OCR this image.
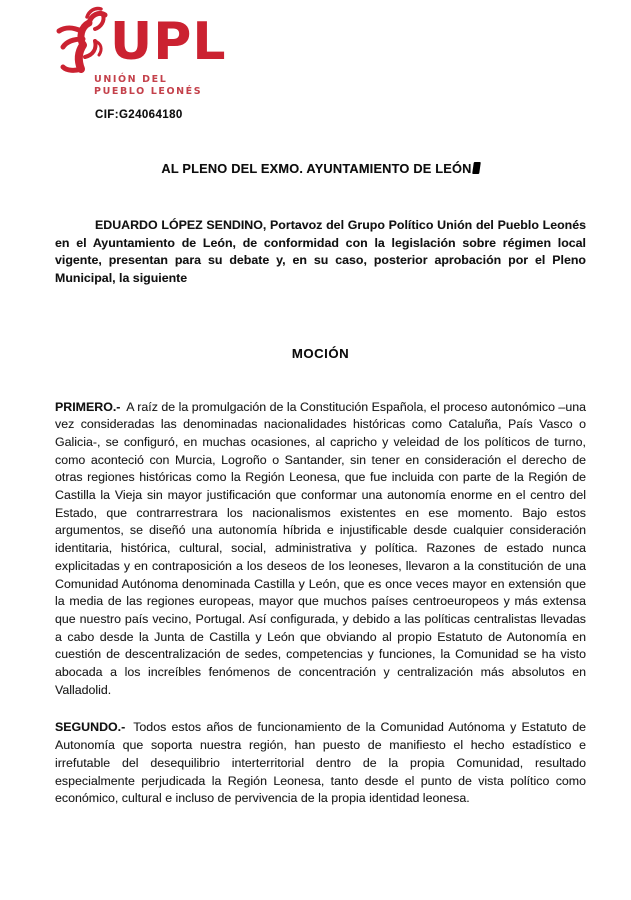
UPL
UNIÓN DEL
PUEBLO LEONÉS
CIF:G24064180
AL PLENO DEL EXMO. AYUNTAMIENTO DE LEÓN

EDUARDO LÓPEZ SENDINO, Portavoz del Grupo Político Unión del Pueblo Leonés en el Ayuntamiento de León, de conformidad con la legislación sobre régimen local vigente, presentan para su debate y, en su caso, posterior aprobación por el Pleno Municipal, la siguiente

MOCIÓN

PRIMERO.- A raíz de la promulgación de la Constitución Española, el proceso autonómico –una vez consideradas las denominadas nacionalidades históricas como Cataluña, País Vasco o Galicia-, se configuró, en muchas ocasiones, al capricho y veleidad de los políticos de turno, como aconteció con Murcia, Logroño o Santander, sin tener en consideración el derecho de otras regiones históricas como la Región Leonesa, que fue incluida con parte de la Región de Castilla la Vieja sin mayor justificación que conformar una autonomía enorme en el centro del Estado, que contrarrestrara los nacionalismos existentes en ese momento. Bajo estos argumentos, se diseñó una autonomía híbrida e injustificable desde cualquier consideración identitaria, histórica, cultural, social, administrativa y política. Razones de estado nunca explicitadas y en contraposición a los deseos de los leoneses, llevaron a la constitución de una Comunidad Autónoma denominada Castilla y León, que es once veces mayor en extensión que la media de las regiones europeas, mayor que muchos países centroeuropeos y más extensa que nuestro país vecino, Portugal. Así configurada, y debido a las políticas centralistas llevadas a cabo desde la Junta de Castilla y León que obviando al propio Estatuto de Autonomía en cuestión de descentralización de sedes, competencias y funciones, la Comunidad se ha visto abocada a los increíbles fenómenos de concentración y centralización más absolutos en Valladolid.

SEGUNDO.- Todos estos años de funcionamiento de la Comunidad Autónoma y Estatuto de Autonomía que soporta nuestra región, han puesto de manifiesto el hecho estadístico e irrefutable del desequilibrio interterritorial dentro de la propia Comunidad, resultado especialmente perjudicada la Región Leonesa, tanto desde el punto de vista político como económico, cultural e incluso de pervivencia de la propia identidad leonesa.
